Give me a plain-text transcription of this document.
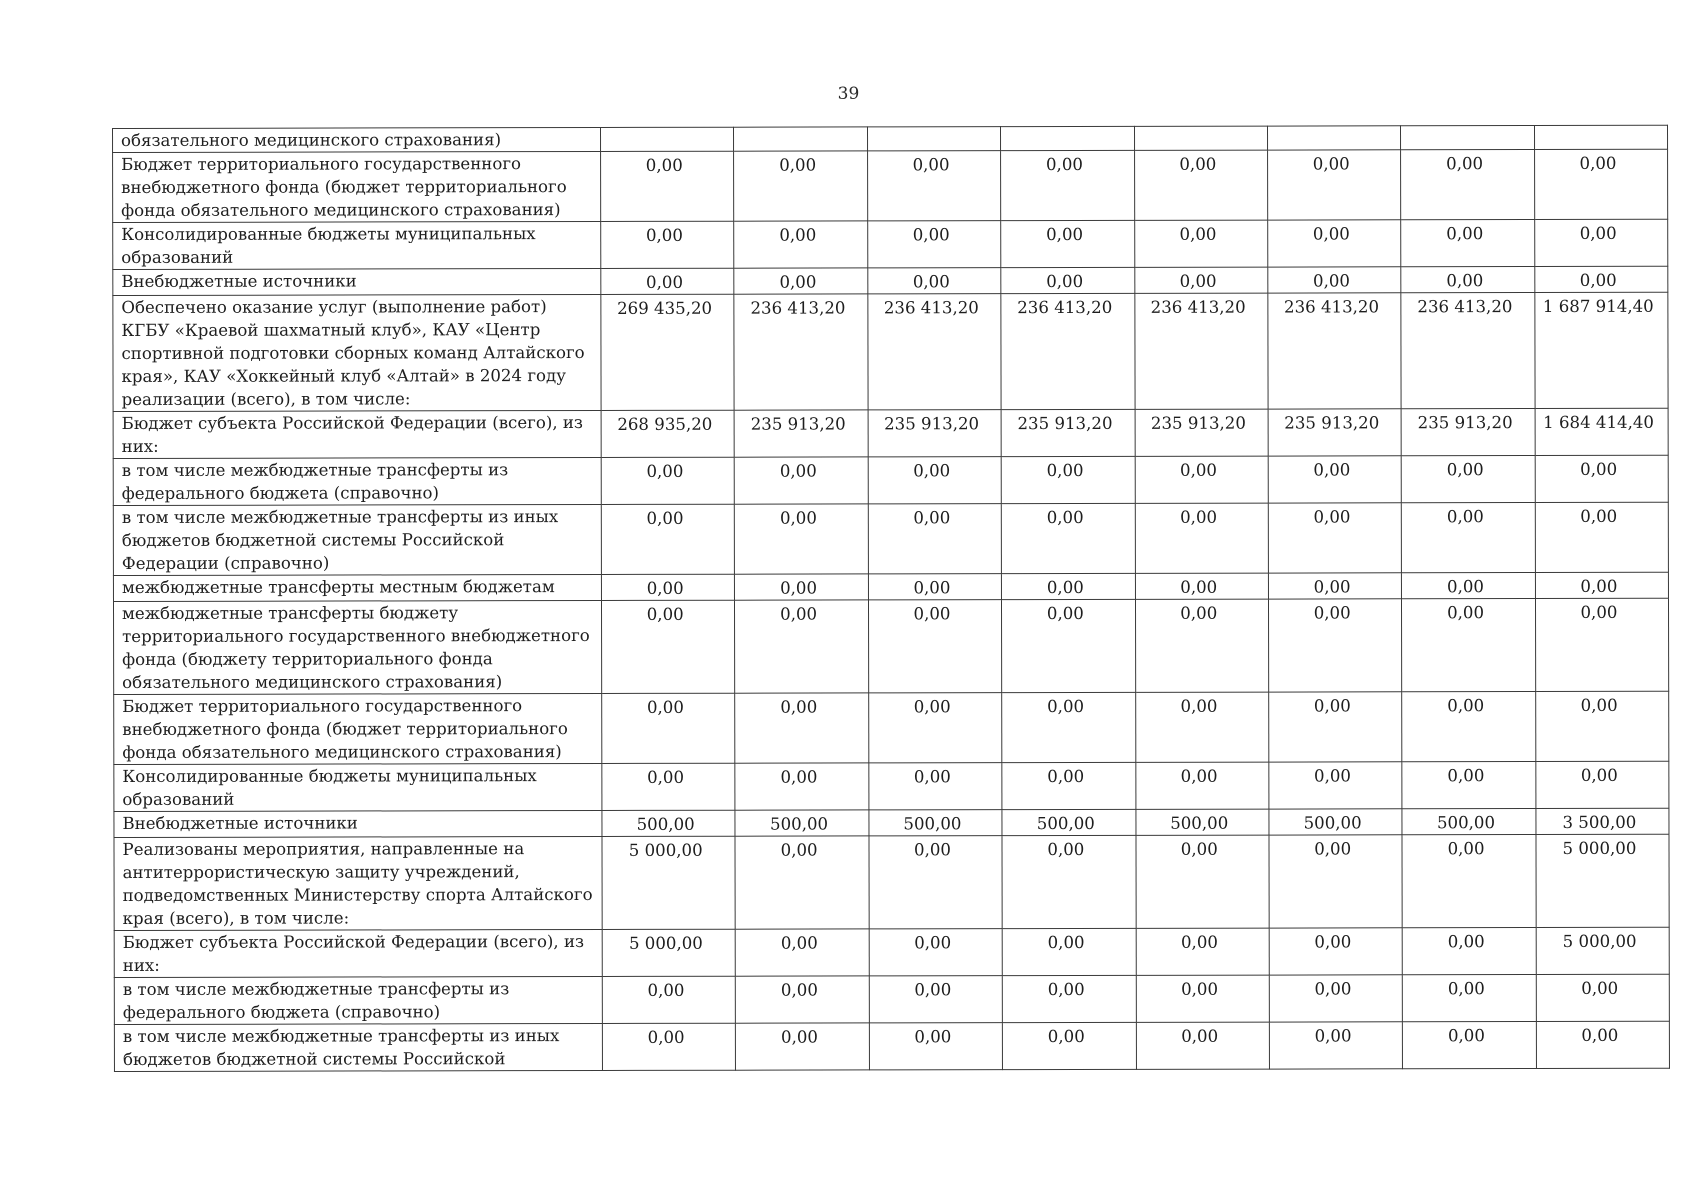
39
обязательного медицинского страхования)								
Бюджет территориального государственного внебюджетного фонда (бюджет территориального фонда обязательного медицинского страхования)	0,00	0,00	0,00	0,00	0,00	0,00	0,00	0,00
Консолидированные бюджеты муниципальных образований	0,00	0,00	0,00	0,00	0,00	0,00	0,00	0,00
Внебюджетные источники	0,00	0,00	0,00	0,00	0,00	0,00	0,00	0,00
Обеспечено оказание услуг (выполнение работ) КГБУ «Краевой шахматный клуб», КАУ «Центр спортивной подготовки сборных команд Алтайского края», КАУ «Хоккейный клуб «Алтай» в 2024 году реализации (всего), в том числе:	269 435,20	236 413,20	236 413,20	236 413,20	236 413,20	236 413,20	236 413,20	1 687 914,40
Бюджет субъекта Российской Федерации (всего), из них:	268 935,20	235 913,20	235 913,20	235 913,20	235 913,20	235 913,20	235 913,20	1 684 414,40
в том числе межбюджетные трансферты из федерального бюджета (справочно)	0,00	0,00	0,00	0,00	0,00	0,00	0,00	0,00
в том числе межбюджетные трансферты из иных бюджетов бюджетной системы Российской Федерации (справочно)	0,00	0,00	0,00	0,00	0,00	0,00	0,00	0,00
межбюджетные трансферты местным бюджетам	0,00	0,00	0,00	0,00	0,00	0,00	0,00	0,00
межбюджетные трансферты бюджету территориального государственного внебюджетного фонда (бюджету территориального фонда обязательного медицинского страхования)	0,00	0,00	0,00	0,00	0,00	0,00	0,00	0,00
Бюджет территориального государственного внебюджетного фонда (бюджет территориального фонда обязательного медицинского страхования)	0,00	0,00	0,00	0,00	0,00	0,00	0,00	0,00
Консолидированные бюджеты муниципальных образований	0,00	0,00	0,00	0,00	0,00	0,00	0,00	0,00
Внебюджетные источники	500,00	500,00	500,00	500,00	500,00	500,00	500,00	3 500,00
Реализованы мероприятия, направленные на антитеррористическую защиту учреждений, подведомственных Министерству спорта Алтайского края (всего), в том числе:	5 000,00	0,00	0,00	0,00	0,00	0,00	0,00	5 000,00
Бюджет субъекта Российской Федерации (всего), из них:	5 000,00	0,00	0,00	0,00	0,00	0,00	0,00	5 000,00
в том числе межбюджетные трансферты из федерального бюджета (справочно)	0,00	0,00	0,00	0,00	0,00	0,00	0,00	0,00
в том числе межбюджетные трансферты из иных бюджетов бюджетной системы Российской	0,00	0,00	0,00	0,00	0,00	0,00	0,00	0,00
